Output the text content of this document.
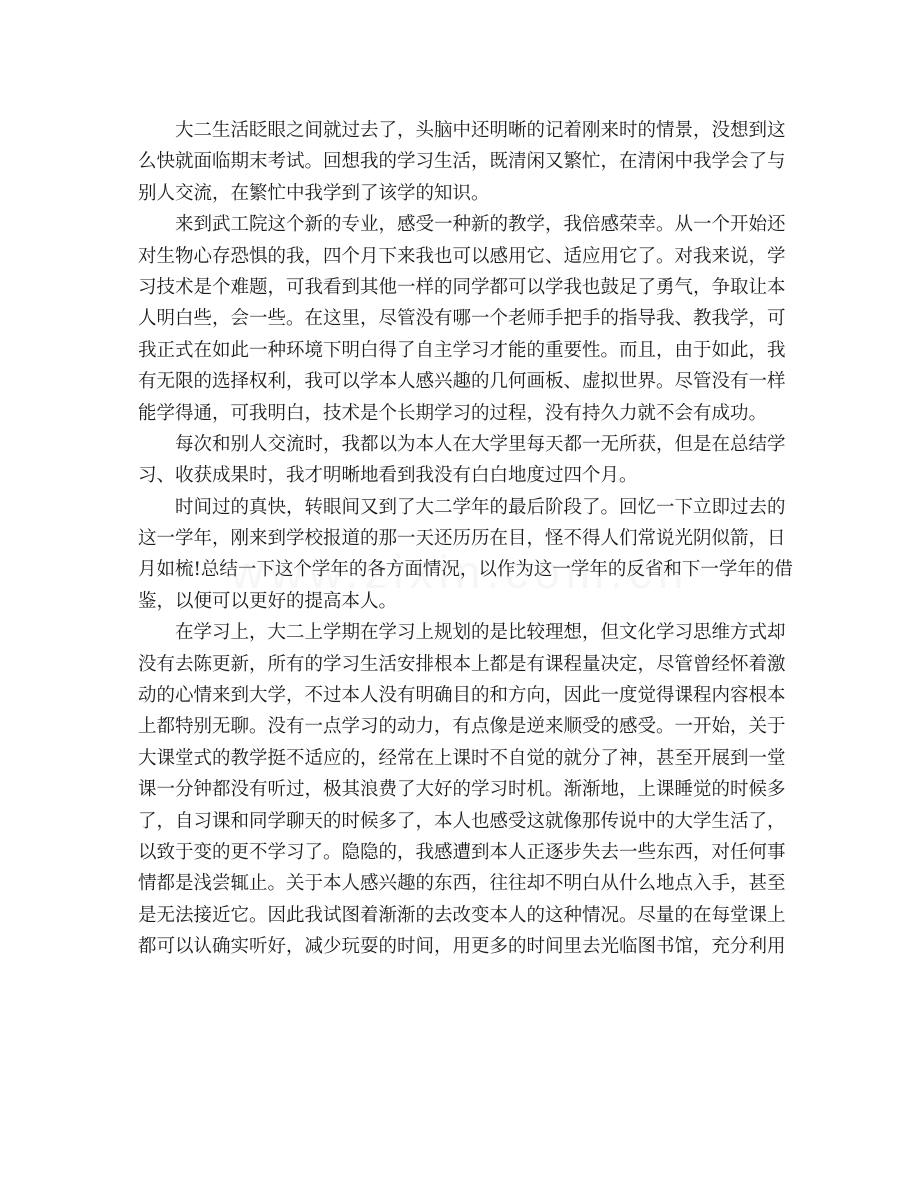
大二生活眨眼之间就过去了，头脑中还明晰的记着刚来时的情景，没想到这
么快就面临期末考试。回想我的学习生活，既清闲又繁忙，在清闲中我学会了与
别人交流，在繁忙中我学到了该学的知识。
来到武工院这个新的专业，感受一种新的教学，我倍感荣幸。从一个开始还
对生物心存恐惧的我，四个月下来我也可以感用它、适应用它了。对我来说，学
习技术是个难题，可我看到其他一样的同学都可以学我也鼓足了勇气，争取让本
人明白些，会一些。在这里，尽管没有哪一个老师手把手的指导我、教我学，可
我正式在如此一种环境下明白得了自主学习才能的重要性。而且，由于如此，我
有无限的选择权利，我可以学本人感兴趣的几何画板、虚拟世界。尽管没有一样
能学得通，可我明白，技术是个长期学习的过程，没有持久力就不会有成功。
每次和别人交流时，我都以为本人在大学里每天都一无所获，但是在总结学
习、收获成果时，我才明晰地看到我没有白白地度过四个月。
时间过的真快，转眼间又到了大二学年的最后阶段了。回忆一下立即过去的
这一学年，刚来到学校报道的那一天还历历在目，怪不得人们常说光阴似箭，日
月如梳!总结一下这个学年的各方面情况，以作为这一学年的反省和下一学年的借
鉴，以便可以更好的提高本人。
在学习上，大二上学期在学习上规划的是比较理想，但文化学习思维方式却
没有去陈更新，所有的学习生活安排根本上都是有课程量决定，尽管曾经怀着激
动的心情来到大学，不过本人没有明确目的和方向，因此一度觉得课程内容根本
上都特别无聊。没有一点学习的动力，有点像是逆来顺受的感受。一开始，关于
大课堂式的教学挺不适应的，经常在上课时不自觉的就分了神，甚至开展到一堂
课一分钟都没有听过，极其浪费了大好的学习时机。渐渐地，上课睡觉的时候多
了，自习课和同学聊天的时候多了，本人也感受这就像那传说中的大学生活了，
以致于变的更不学习了。隐隐的，我感遭到本人正逐步失去一些东西，对任何事
情都是浅尝辄止。关于本人感兴趣的东西，往往却不明白从什么地点入手，甚至
是无法接近它。因此我试图着渐渐的去改变本人的这种情况。尽量的在每堂课上
都可以认确实听好，减少玩耍的时间，用更多的时间里去光临图书馆，充分利用
